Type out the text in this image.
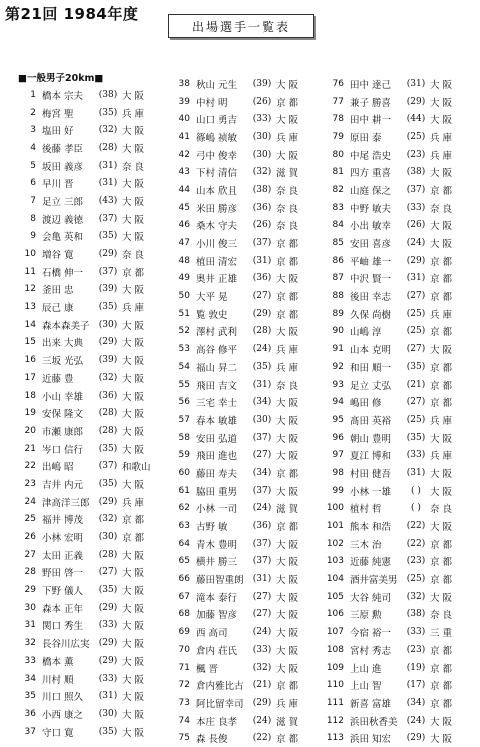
第21回 1984年度
出場選手一覧表
■一般男子20km■
1 橋本 宗夫	(38) 大 阪
2 梅宮 聖	(35) 兵 庫
3 塩田 好	(32) 大 阪
4 後藤 孝臣	(28) 大 阪
5 坂田 義彦	(31) 奈 良
6 早川 晋	(31) 大 阪
7 足立 三郎	(43) 大 阪
8 渡辺 義徳	(37) 大 阪
9 会亀 英和	(35) 大 阪
10 増谷 寛	(29) 奈 良
11 石橋 伸一	(37) 京 都
12 釜田 忠	(39) 大 阪
13 辰己 康	(35) 兵 庫
14 森本森美子	(30) 大 阪
15 出来 大典	(29) 大 阪
16 三坂 光弘	(39) 大 阪
17 近藤 豊	(32) 大 阪
18 小山 幸雄	(36) 大 阪
19 安保 隆文	(28) 大 阪
20 市瀬 康郎	(28) 大 阪
21 岑口 信行	(35) 大 阪
22 出嶋 昭	(37) 和歌山
23 吉井 内元	(35) 大 阪
24 津高洋三郎	(29) 兵 庫
25 福井 博茂	(32) 京 都
26 小林 宏明	(30) 京 都
27 太田 正義	(28) 大 阪
28 野田 啓一	(27) 大 阪
29 下野 儀人	(35) 大 阪
30 森本 正年	(29) 大 阪
31 関口 秀生	(33) 大 阪
32 長谷川広実	(29) 大 阪
33 橋本 薫	(29) 大 阪
34 川村 順	(33) 大 阪
35 川口 照久	(31) 大 阪
36 小西 康之	(30) 大 阪
37 守口 寛	(35) 大 阪
38 秋山 元生	(39) 大 阪
39 中村 明	(26) 京 都
40 山口 勇吉	(33) 大 阪
41 篠嶋 祯敏	(30) 兵 庫
42 弓中 俊幸	(30) 大 阪
43 下村 清信	(32) 滋 賀
44 山本 欣且	(38) 奈 良
45 米田 勝彦	(36) 奈 良
46 桑木 守夫	(26) 奈 良
47 小川 俊三	(37) 京 都
48 植田 清宏	(31) 京 都
49 奥井 正雄	(36) 大 阪
50 大平 晃	(27) 京 都
51 覧 敦史	(29) 京 都
52 澤村 武利	(28) 大 阪
53 高谷 修平	(24) 兵 庫
54 福山 昇二	(35) 兵 庫
55 飛田 吉文	(31) 奈 良
56 三宅 幸士	(34) 大 阪
57 春本 敏雄	(30) 大 阪
58 安田 弘道	(37) 大 阪
59 飛田 進也	(27) 大 阪
60 藤田 寿夫	(34) 京 都
61 脇田 重男	(37) 大 阪
62 小林 一司	(24) 滋 賀
63 古野 敏	(36) 京 都
64 青木 豊明	(37) 大 阪
65 横井 勝三	(37) 大 阪
66 藤田智重朗	(31) 大 阪
67 滝本 泰行	(27) 大 阪
68 加藤 智彦	(27) 大 阪
69 西 高司	(24) 大 阪
70 倉内 荘氏	(33) 大 阪
71 楓 晋	(32) 大 阪
72 倉内雅比古	(21) 京 都
73 阿比留幸司	(29) 兵 庫
74 本庄 良孝	(24) 滋 賀
75 森 長俊	(22) 京 都
76 田中 達己	(31) 大 阪
77 兼子 勝喜	(29) 大 阪
78 田中 耕一	(44) 大 阪
79 原田 泰	(25) 兵 庫
80 中尾 浩史	(23) 兵 庫
81 四方 重喜	(38) 大 阪
82 山庭 保之	(37) 京 都
83 中野 敏夫	(33) 奈 良
84 小出 敏幸	(26) 大 阪
85 安田 喜彦	(24) 大 阪
86 平岫 雄一	(29) 京 都
87 中沢 賢一	(31) 京 都
88 後田 幸志	(27) 京 都
89 久保 尚樹	(25) 兵 庫
90 山嶋 淳	(25) 京 都
91 山本 克明	(27) 大 阪
92 和田 順一	(35) 京 都
93 足立 丈弘	(21) 京 都
94 嶋田 修	(27) 京 都
95 髙田 英裕	(25) 兵 庫
96 朝山 豊明	(35) 大 阪
97 夏江 博和	(33) 兵 庫
98 村田 健吾	(31) 大 阪
99 小林 一雄	( ) 大 阪
100 植村 哲	( ) 奈 良
101 熊本 和浩	(22) 大 阪
102 三木 治	(22) 京 都
103 近藤 純憲	(23) 京 都
104 酒井富美男	(25) 京 都
105 大谷 純司	(32) 大 阪
106 三原 勲	(38) 奈 良
107 今宿 裕一	(33) 三 重
108 宮村 秀志	(23) 京 都
109 上山 進	(19) 京 都
110 上山 智	(17) 京 都
111 新喜 富雄	(34) 京 都
112 浜田秋香美	(24) 大 阪
113 浜田 知宏	(29) 大 阪
